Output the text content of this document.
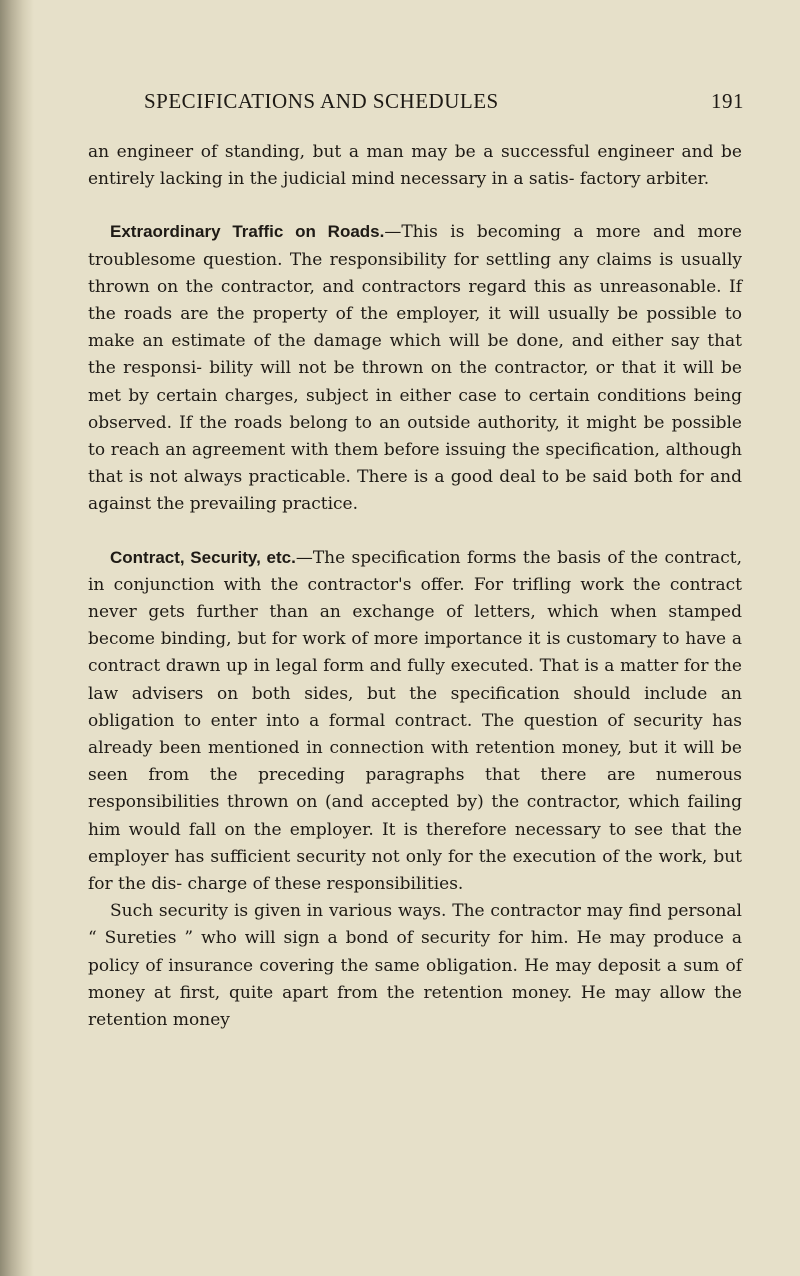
SPECIFICATIONS AND SCHEDULES	191

an engineer of standing, but a man may be a successful engineer and be entirely lacking in the judicial mind necessary in a satis- factory arbiter.

Extraordinary Traffic on Roads.—This is becoming a more and more troublesome question. The responsibility for settling any claims is usually thrown on the contractor, and contractors regard this as unreasonable. If the roads are the property of the employer, it will usually be possible to make an estimate of the damage which will be done, and either say that the responsi- bility will not be thrown on the contractor, or that it will be met by certain charges, subject in either case to certain conditions being observed. If the roads belong to an outside authority, it might be possible to reach an agreement with them before issuing the specification, although that is not always practicable. There is a good deal to be said both for and against the prevailing practice.

Contract, Security, etc.—The specification forms the basis of the contract, in conjunction with the contractor's offer. For trifling work the contract never gets further than an exchange of letters, which when stamped become binding, but for work of more importance it is customary to have a contract drawn up in legal form and fully executed. That is a matter for the law advisers on both sides, but the specification should include an obligation to enter into a formal contract. The question of security has already been mentioned in connection with retention money, but it will be seen from the preceding paragraphs that there are numerous responsibilities thrown on (and accepted by) the contractor, which failing him would fall on the employer. It is therefore necessary to see that the employer has sufficient security not only for the execution of the work, but for the dis- charge of these responsibilities.

Such security is given in various ways. The contractor may find personal “ Sureties ” who will sign a bond of security for him. He may produce a policy of insurance covering the same obligation. He may deposit a sum of money at first, quite apart from the retention money. He may allow the retention money
